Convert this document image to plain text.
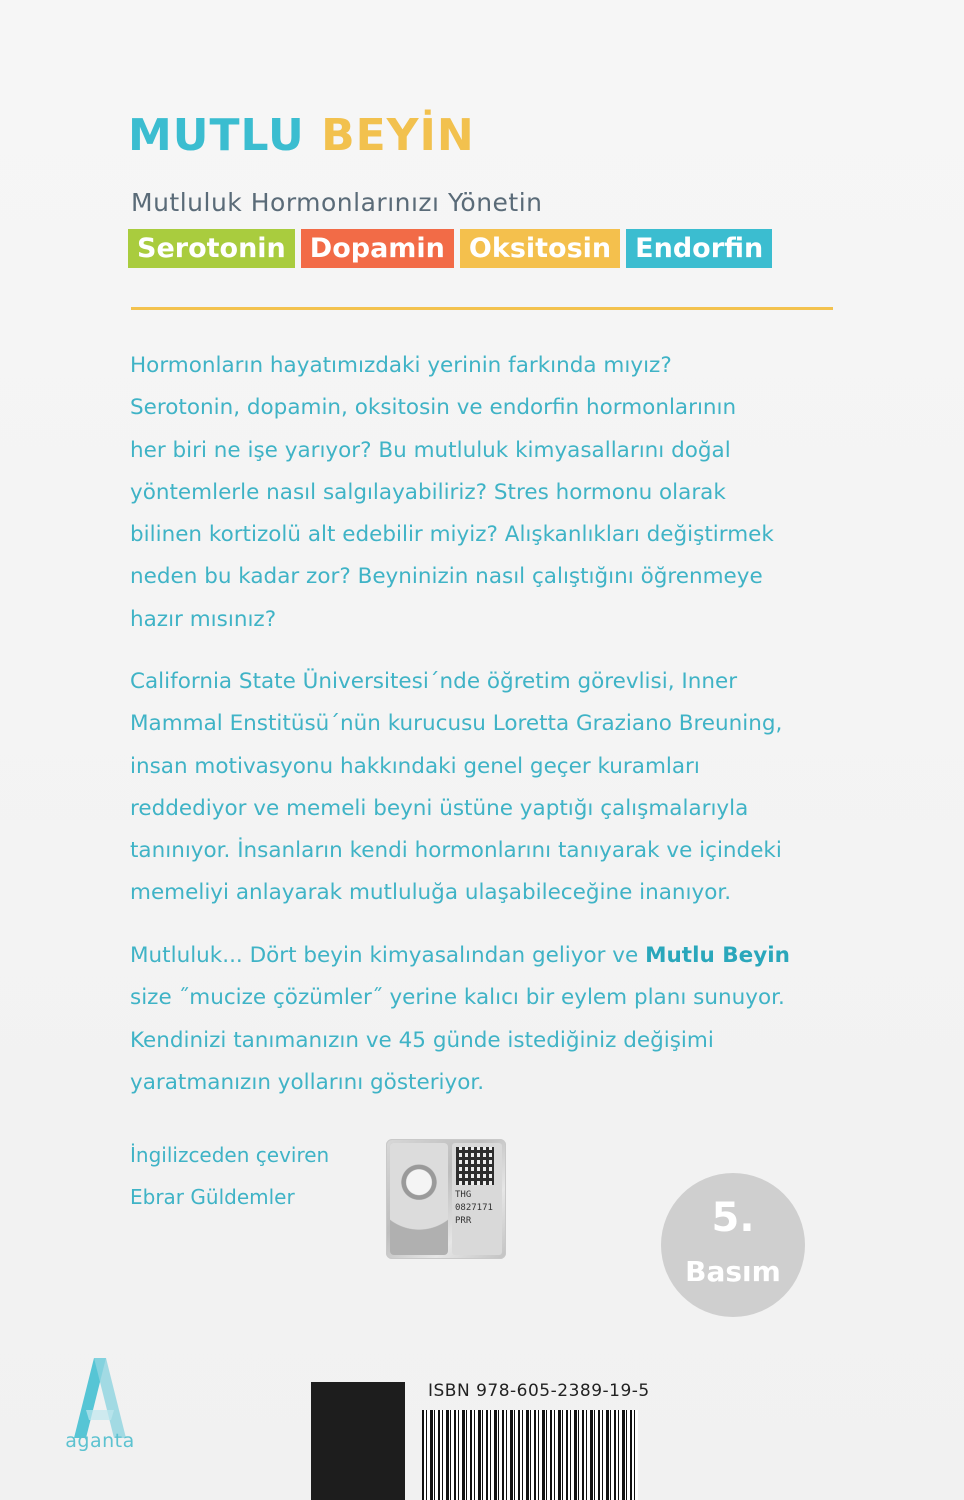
MUTLU BEYİN
Mutluluk Hormonlarınızı Yönetin
Serotonin Dopamin Oksitosin Endorfin
Hormonların hayatımızdaki yerinin farkında mıyız?
Serotonin, dopamin, oksitosin ve endorfin hormonlarının
her biri ne işe yarıyor? Bu mutluluk kimyasallarını doğal
yöntemlerle nasıl salgılayabiliriz? Stres hormonu olarak
bilinen kortizolü alt edebilir miyiz? Alışkanlıkları değiştirmek
neden bu kadar zor? Beyninizin nasıl çalıştığını öğrenmeye
hazır mısınız?
California State Üniversitesi´nde öğretim görevlisi, Inner
Mammal Enstitüsü´nün kurucusu Loretta Graziano Breuning,
insan motivasyonu hakkındaki genel geçer kuramları
reddediyor ve memeli beyni üstüne yaptığı çalışmalarıyla
tanınıyor. İnsanların kendi hormonlarını tanıyarak ve içindeki
memeliyi anlayarak mutluluğa ulaşabileceğine inanıyor.
Mutluluk... Dört beyin kimyasalından geliyor ve Mutlu Beyin
size ˝mucize çözümler˝ yerine kalıcı bir eylem planı sunuyor.
Kendinizi tanımanızın ve 45 günde istediğiniz değişimi
yaratmanızın yollarını gösteriyor.
İngilizceden çeviren
Ebrar Güldemler	THG
0827171
PRR	5.
Basım
aganta
ISBN 978-605-2389-19-5
